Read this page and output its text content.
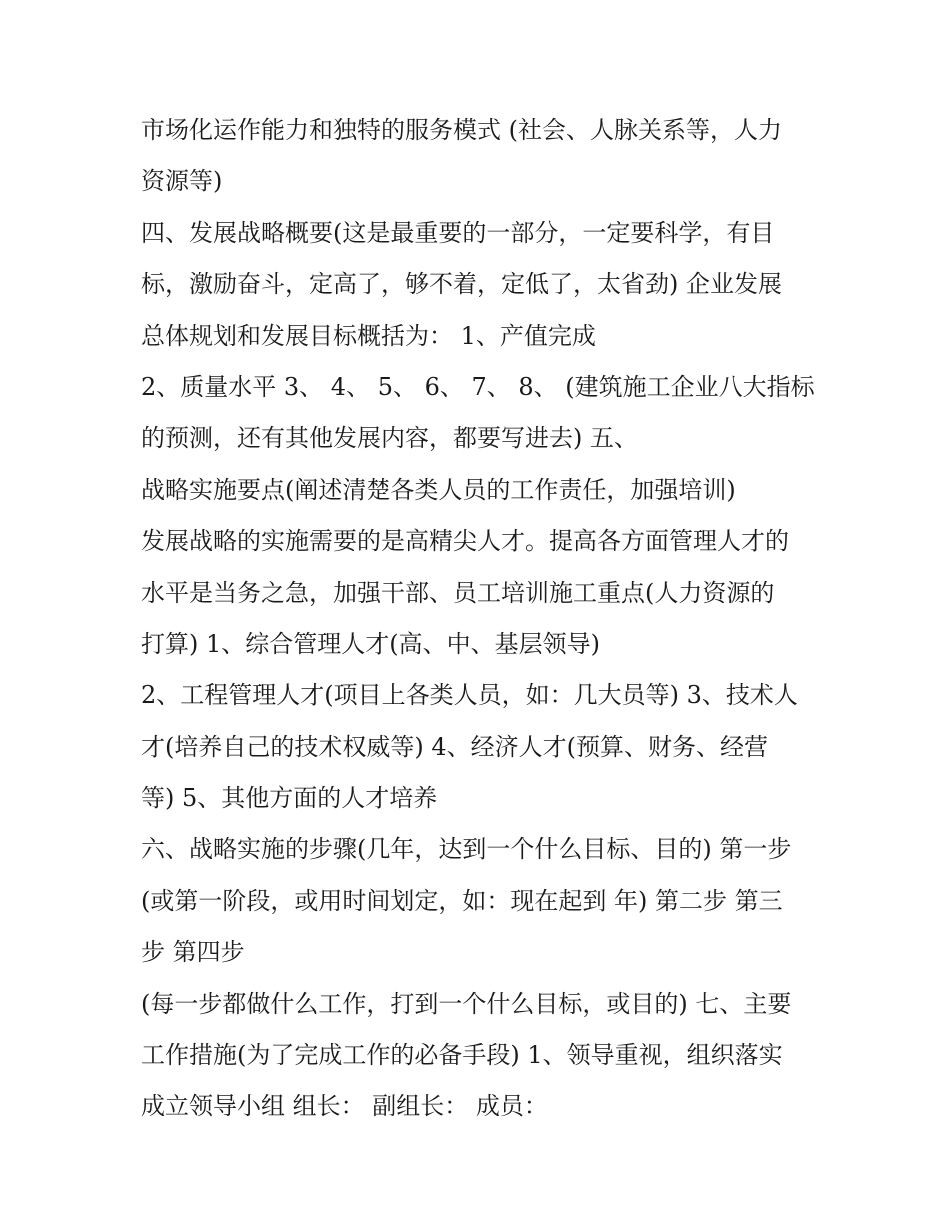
市场化运作能力和独特的服务模式 (社会、人脉关系等，人力
资源等)
四、发展战略概要(这是最重要的一部分，一定要科学，有目
标，激励奋斗，定高了，够不着，定低了，太省劲) 企业发展
总体规划和发展目标概括为： 1、产值完成
2、质量水平 3、 4、 5、 6、 7、 8、 (建筑施工企业八大指标
的预测，还有其他发展内容，都要写进去) 五、
战略实施要点(阐述清楚各类人员的工作责任，加强培训)
发展战略的实施需要的是高精尖人才。提高各方面管理人才的
水平是当务之急，加强干部、员工培训施工重点(人力资源的
打算) 1、综合管理人才(高、中、基层领导)
2、工程管理人才(项目上各类人员，如：几大员等) 3、技术人
才(培养自己的技术权威等) 4、经济人才(预算、财务、经营
等) 5、其他方面的人才培养
六、战略实施的步骤(几年，达到一个什么目标、目的) 第一步
(或第一阶段，或用时间划定，如：现在起到 年) 第二步 第三
步 第四步
(每一步都做什么工作，打到一个什么目标，或目的) 七、主要
工作措施(为了完成工作的必备手段) 1、领导重视，组织落实
成立领导小组 组长： 副组长： 成员：
